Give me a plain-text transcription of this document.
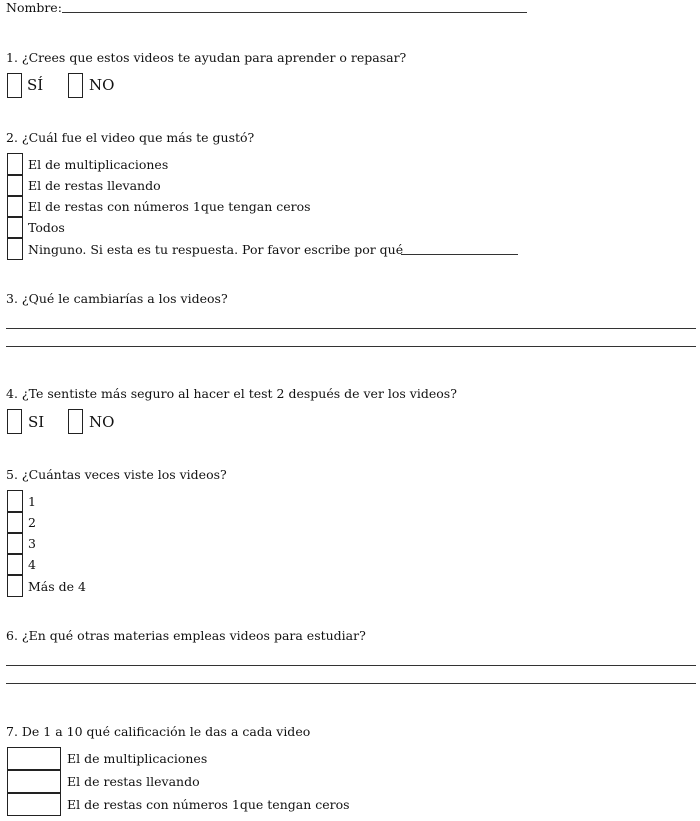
Nombre:
1. ¿Crees que estos videos te ayudan para aprender o repasar?
SÍ	NO
2. ¿Cuál fue el video que más te gustó?
El de multiplicaciones
El de restas llevando
El de restas con números 1que tengan ceros
Todos
Ninguno. Si esta es tu respuesta. Por favor escribe por qué
3. ¿Qué le cambiarías a los videos?
4. ¿Te sentiste más seguro al hacer el test 2 después de ver los videos?
SI	NO
5. ¿Cuántas veces viste los videos?
1
2
3
4
Más de 4
6. ¿En qué otras materias empleas videos para estudiar?
7. De 1 a 10 qué calificación le das a cada video
El de multiplicaciones
El de restas llevando
El de restas con números 1que tengan ceros
